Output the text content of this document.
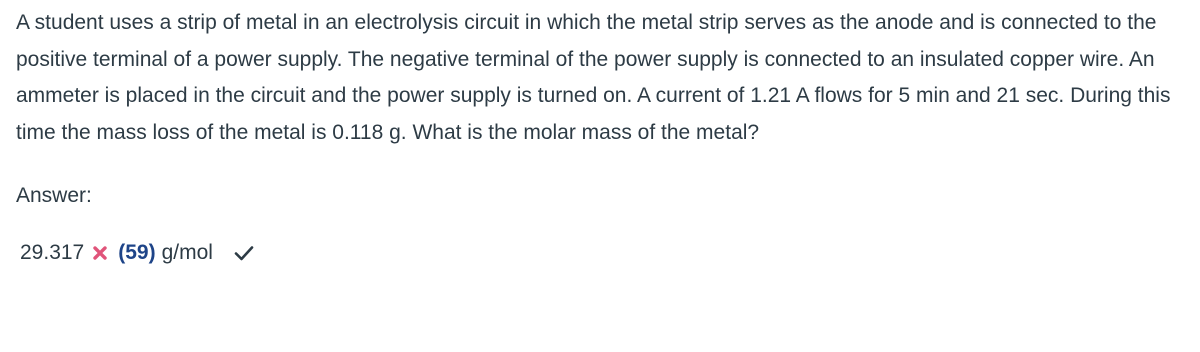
A student uses a strip of metal in an electrolysis circuit in which the metal strip serves as the anode and is connected to the positive terminal of a power supply. The negative terminal of the power supply is connected to an insulated copper wire. An ammeter is placed in the circuit and the power supply is turned on. A current of 1.21 A flows for 5 min and 21 sec. During this time the mass loss of the metal is 0.118 g. What is the molar mass of the metal?

Answer:
29.317 (59) g/mol
